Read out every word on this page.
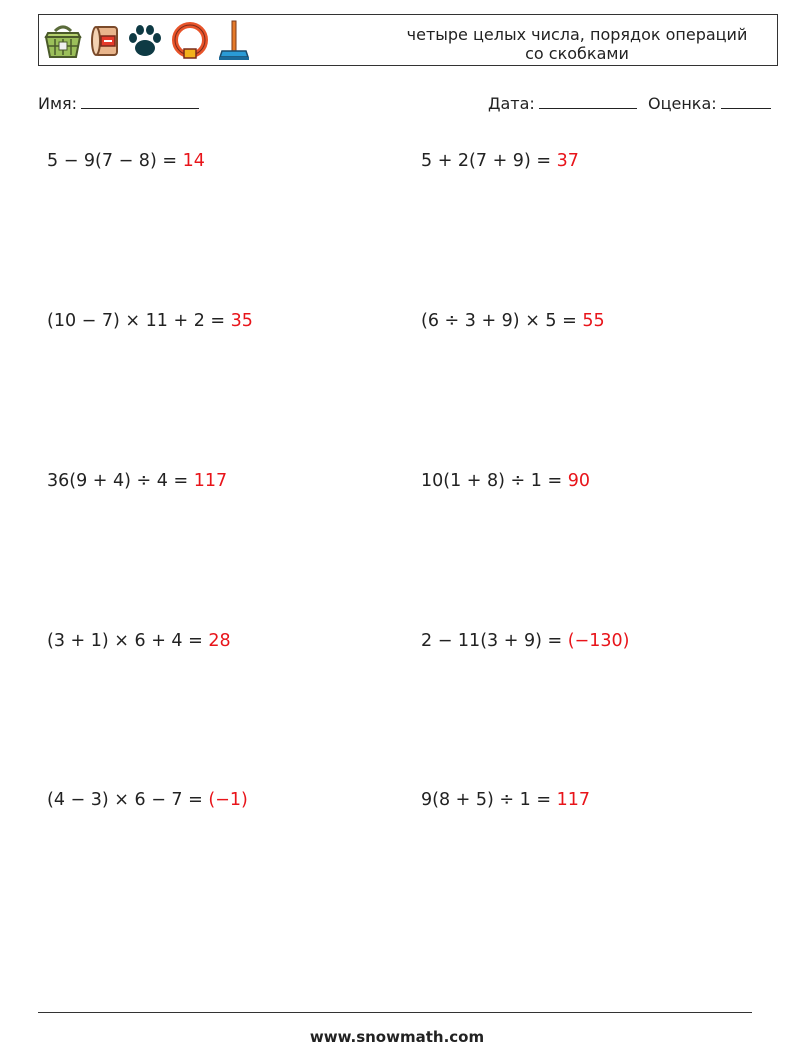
четыре целых числа, порядок операций
со скобками
Имя:	Дата:	Оценка:
5 − 9(7 − 8) = 14	5 + 2(7 + 9) = 37
(10 − 7) × 11 + 2 = 35	(6 ÷ 3 + 9) × 5 = 55
36(9 + 4) ÷ 4 = 117	10(1 + 8) ÷ 1 = 90
(3 + 1) × 6 + 4 = 28	2 − 11(3 + 9) = (−130)
(4 − 3) × 6 − 7 = (−1)	9(8 + 5) ÷ 1 = 117
www.snowmath.com
